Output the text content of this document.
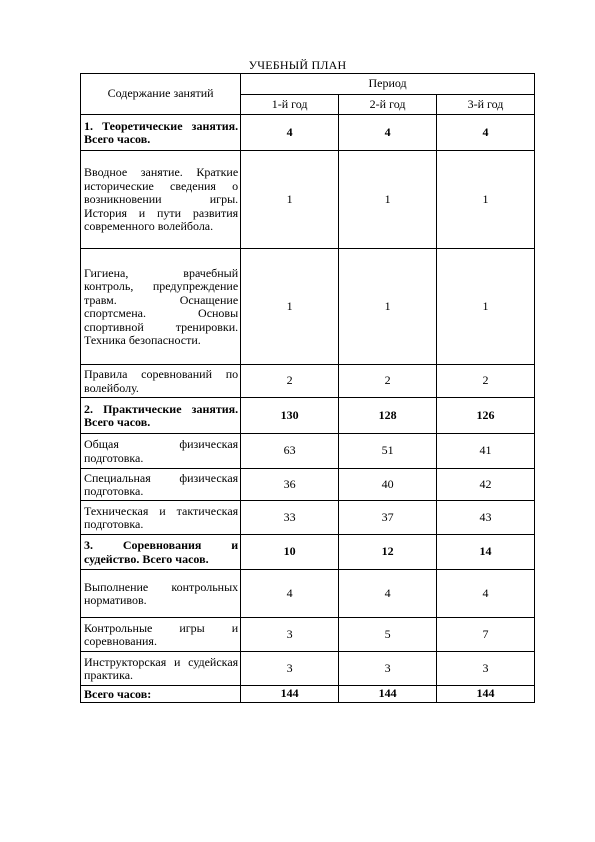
УЧЕБНЫЙ ПЛАН
Содержание занятий	Период		
	1-й год	2-й год	3-й год
1. Теоретические занятия. Всего часов.	4	4	4
Вводное занятие. Краткие исторические сведения о возникновении игры. История и пути развития современного волейбола.	1	1	1
Гигиена, врачебный контроль, предупреждение травм. Оснащение спортсмена. Основы спортивной тренировки. Техника безопасности.	1	1	1
Правила соревнований по волейболу.	2	2	2
2. Практические занятия. Всего часов.	130	128	126
Общая физическая подготовка.	63	51	41
Специальная физическая подготовка.	36	40	42
Техническая и тактическая подготовка.	33	37	43
3. Соревнования и судейство. Всего часов.	10	12	14
Выполнение контрольных нормативов.	4	4	4
Контрольные игры и соревнования.	3	5	7
Инструкторская и судейская практика.	3	3	3
Всего часов:	144	144	144
